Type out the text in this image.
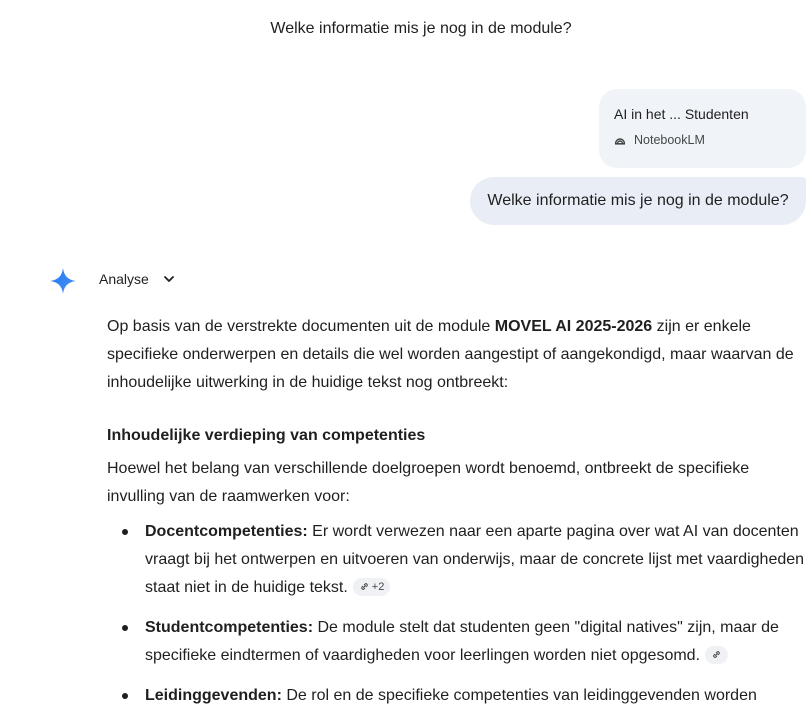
Welke informatie mis je nog in de module?
AI in het ... Studenten
NotebookLM
Welke informatie mis je nog in de module?
Analyse

Op basis van de verstrekte documenten uit de module MOVEL AI 2025-2026 zijn er enkele specifieke onderwerpen en details die wel worden aangestipt of aangekondigd, maar waarvan de inhoudelijke uitwerking in de huidige tekst nog ontbreekt:

Inhoudelijke verdieping van competenties

Hoewel het belang van verschillende doelgroepen wordt benoemd, ontbreekt de specifieke invulling van de raamwerken voor:

Docentcompetenties: Er wordt verwezen naar een aparte pagina over wat AI van docenten vraagt bij het ontwerpen en uitvoeren van onderwijs, maar de concrete lijst met vaardigheden staat niet in de huidige tekst. +2
Studentcompetenties: De module stelt dat studenten geen "digital natives" zijn, maar de specifieke eindtermen of vaardigheden voor leerlingen worden niet opgesomd.
Leidinggevenden: De rol en de specifieke competenties van leidinggevenden worden
